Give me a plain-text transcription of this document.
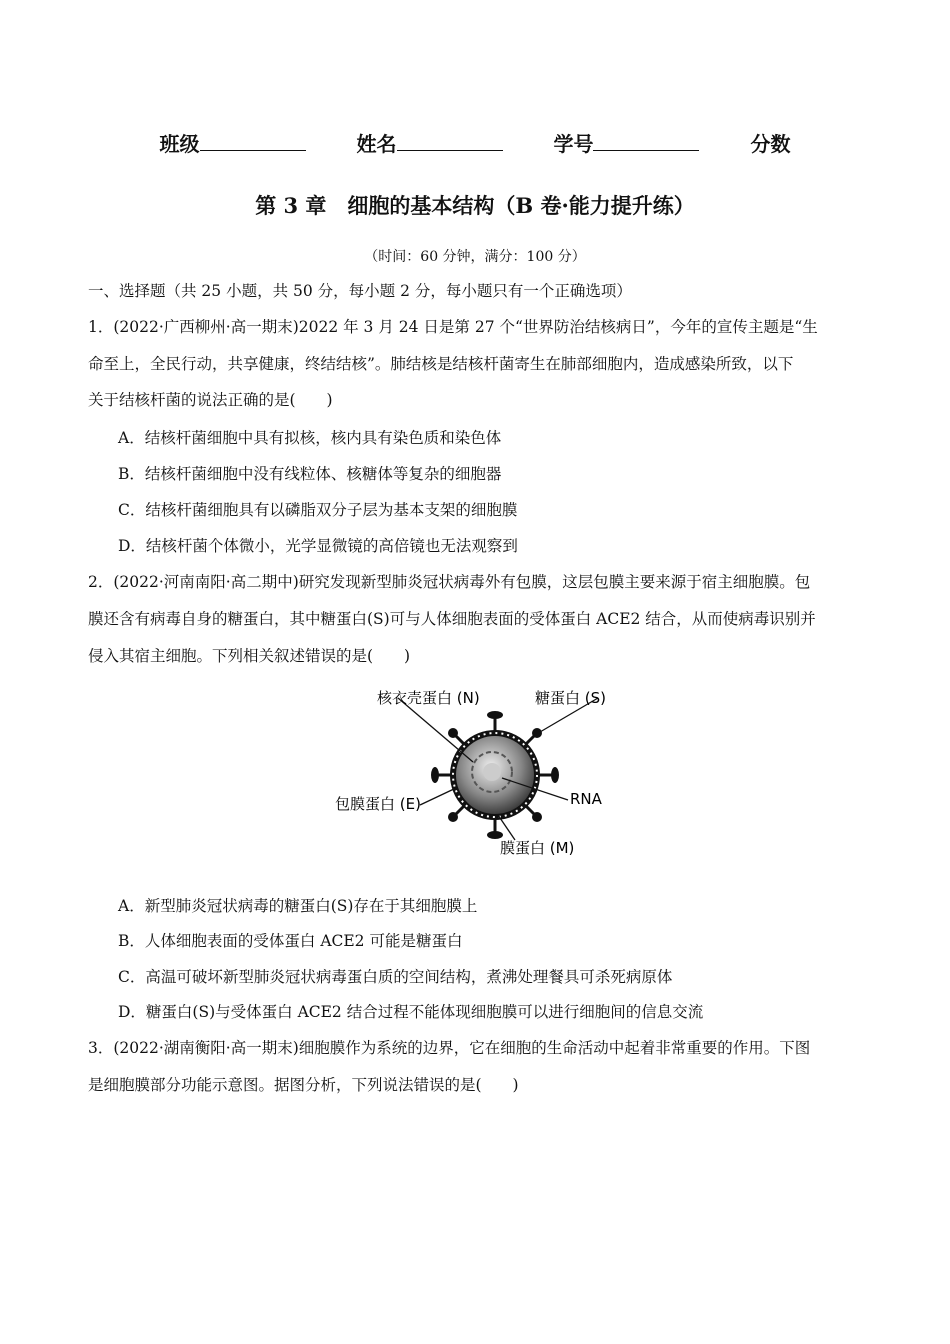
班级	姓名	学号	分数
第 3 章　细胞的基本结构（B 卷·能力提升练）
（时间：60 分钟，满分：100 分）
一、选择题（共 25 小题，共 50 分，每小题 2 分，每小题只有一个正确选项）
1．(2022·广西柳州·高一期末)2022 年 3 月 24 日是第 27 个“世界防治结核病日”，今年的宣传主题是“生
命至上，全民行动，共享健康，终结结核”。肺结核是结核杆菌寄生在肺部细胞内，造成感染所致，以下
关于结核杆菌的说法正确的是(　　)
A．结核杆菌细胞中具有拟核，核内具有染色质和染色体
B．结核杆菌细胞中没有线粒体、核糖体等复杂的细胞器
C．结核杆菌细胞具有以磷脂双分子层为基本支架的细胞膜
D．结核杆菌个体微小，光学显微镜的高倍镜也无法观察到
2．(2022·河南南阳·高二期中)研究发现新型肺炎冠状病毒外有包膜，这层包膜主要来源于宿主细胞膜。包
膜还含有病毒自身的糖蛋白，其中糖蛋白(S)可与人体细胞表面的受体蛋白 ACE2 结合，从而使病毒识别并
侵入其宿主细胞。下列相关叙述错误的是(　　)
核衣壳蛋白 (N)	糖蛋白 (S)
RNA
包膜蛋白 (E)
膜蛋白 (M)
A．新型肺炎冠状病毒的糖蛋白(S)存在于其细胞膜上
B．人体细胞表面的受体蛋白 ACE2 可能是糖蛋白
C．高温可破坏新型肺炎冠状病毒蛋白质的空间结构，煮沸处理餐具可杀死病原体
D．糖蛋白(S)与受体蛋白 ACE2 结合过程不能体现细胞膜可以进行细胞间的信息交流
3．(2022·湖南衡阳·高一期末)细胞膜作为系统的边界，它在细胞的生命活动中起着非常重要的作用。下图
是细胞膜部分功能示意图。据图分析，下列说法错误的是(　　)
